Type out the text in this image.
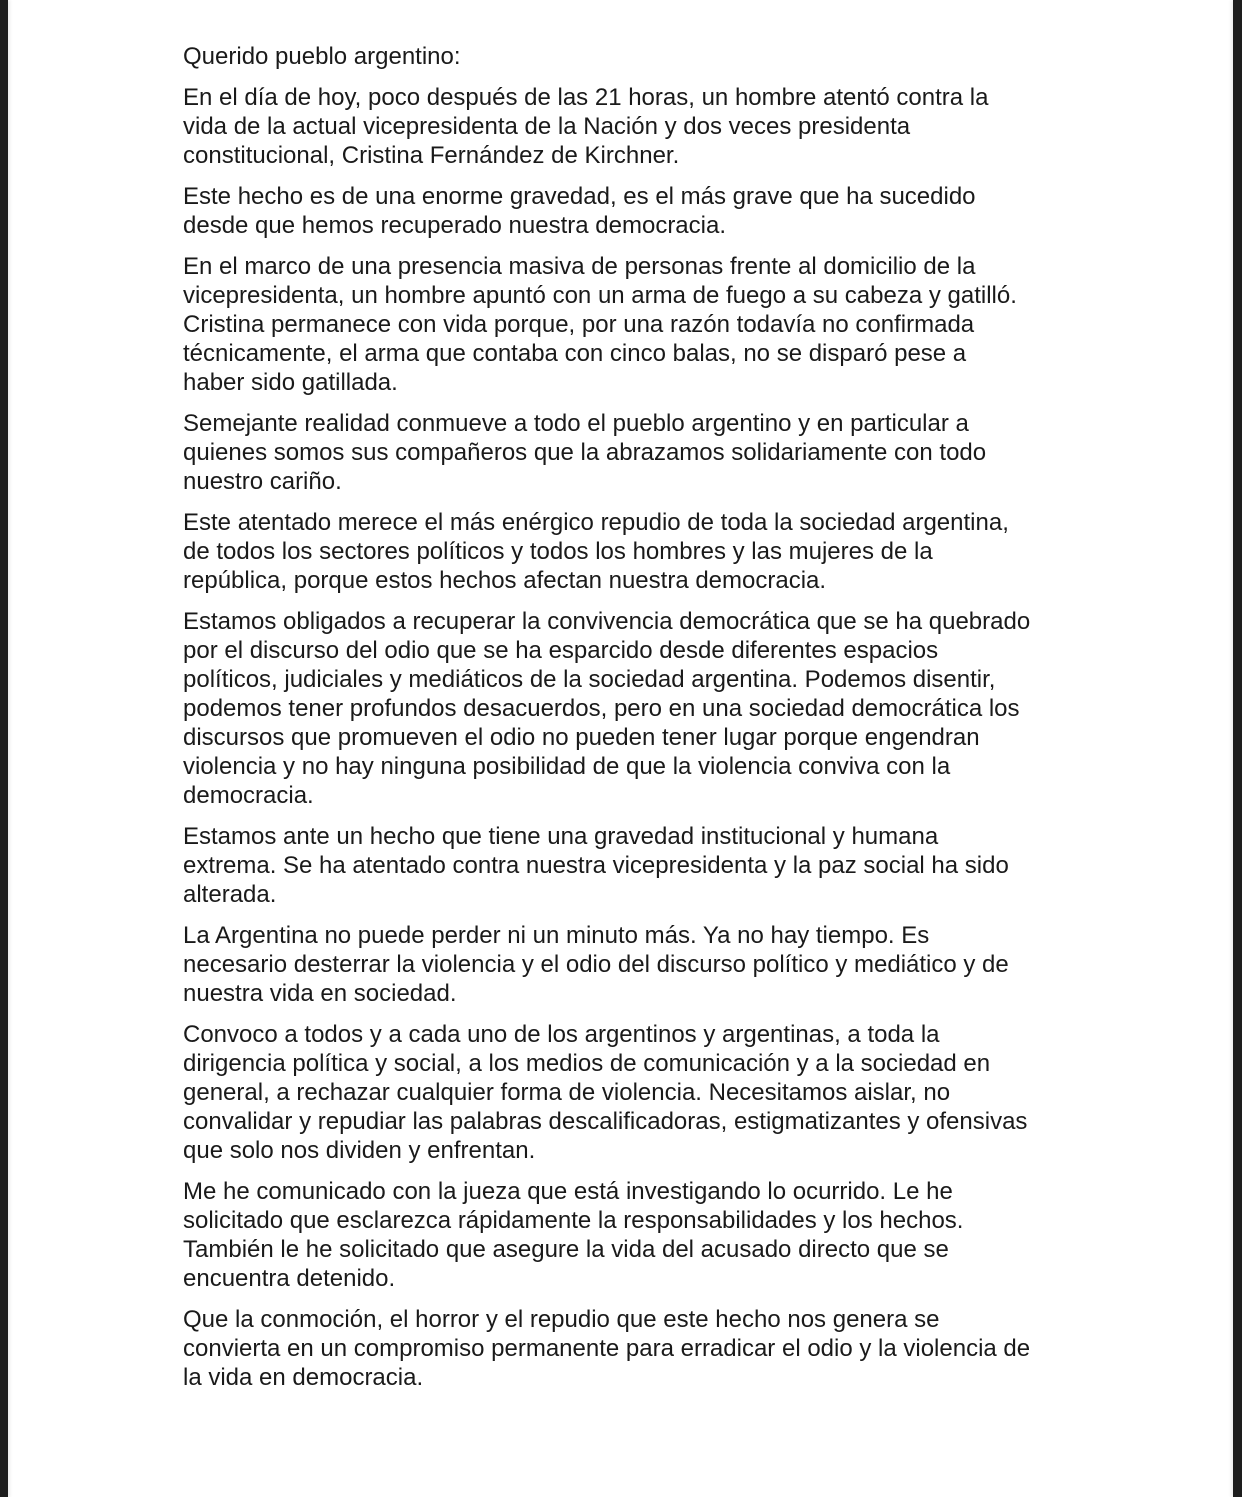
Querido pueblo argentino:

En el día de hoy, poco después de las 21 horas, un hombre atentó contra la
vida de la actual vicepresidenta de la Nación y dos veces presidenta
constitucional, Cristina Fernández de Kirchner.

Este hecho es de una enorme gravedad, es el más grave que ha sucedido
desde que hemos recuperado nuestra democracia.

En el marco de una presencia masiva de personas frente al domicilio de la
vicepresidenta, un hombre apuntó con un arma de fuego a su cabeza y gatilló.
Cristina permanece con vida porque, por una razón todavía no confirmada
técnicamente, el arma que contaba con cinco balas, no se disparó pese a
haber sido gatillada.

Semejante realidad conmueve a todo el pueblo argentino y en particular a
quienes somos sus compañeros que la abrazamos solidariamente con todo
nuestro cariño.

Este atentado merece el más enérgico repudio de toda la sociedad argentina,
de todos los sectores políticos y todos los hombres y las mujeres de la
república, porque estos hechos afectan nuestra democracia.

Estamos obligados a recuperar la convivencia democrática que se ha quebrado
por el discurso del odio que se ha esparcido desde diferentes espacios
políticos, judiciales y mediáticos de la sociedad argentina. Podemos disentir,
podemos tener profundos desacuerdos, pero en una sociedad democrática los
discursos que promueven el odio no pueden tener lugar porque engendran
violencia y no hay ninguna posibilidad de que la violencia conviva con la
democracia.

Estamos ante un hecho que tiene una gravedad institucional y humana
extrema. Se ha atentado contra nuestra vicepresidenta y la paz social ha sido
alterada.

La Argentina no puede perder ni un minuto más. Ya no hay tiempo. Es
necesario desterrar la violencia y el odio del discurso político y mediático y de
nuestra vida en sociedad.

Convoco a todos y a cada uno de los argentinos y argentinas, a toda la
dirigencia política y social, a los medios de comunicación y a la sociedad en
general, a rechazar cualquier forma de violencia. Necesitamos aislar, no
convalidar y repudiar las palabras descalificadoras, estigmatizantes y ofensivas
que solo nos dividen y enfrentan.

Me he comunicado con la jueza que está investigando lo ocurrido. Le he
solicitado que esclarezca rápidamente la responsabilidades y los hechos.
También le he solicitado que asegure la vida del acusado directo que se
encuentra detenido.

Que la conmoción, el horror y el repudio que este hecho nos genera se
convierta en un compromiso permanente para erradicar el odio y la violencia de
la vida en democracia.
